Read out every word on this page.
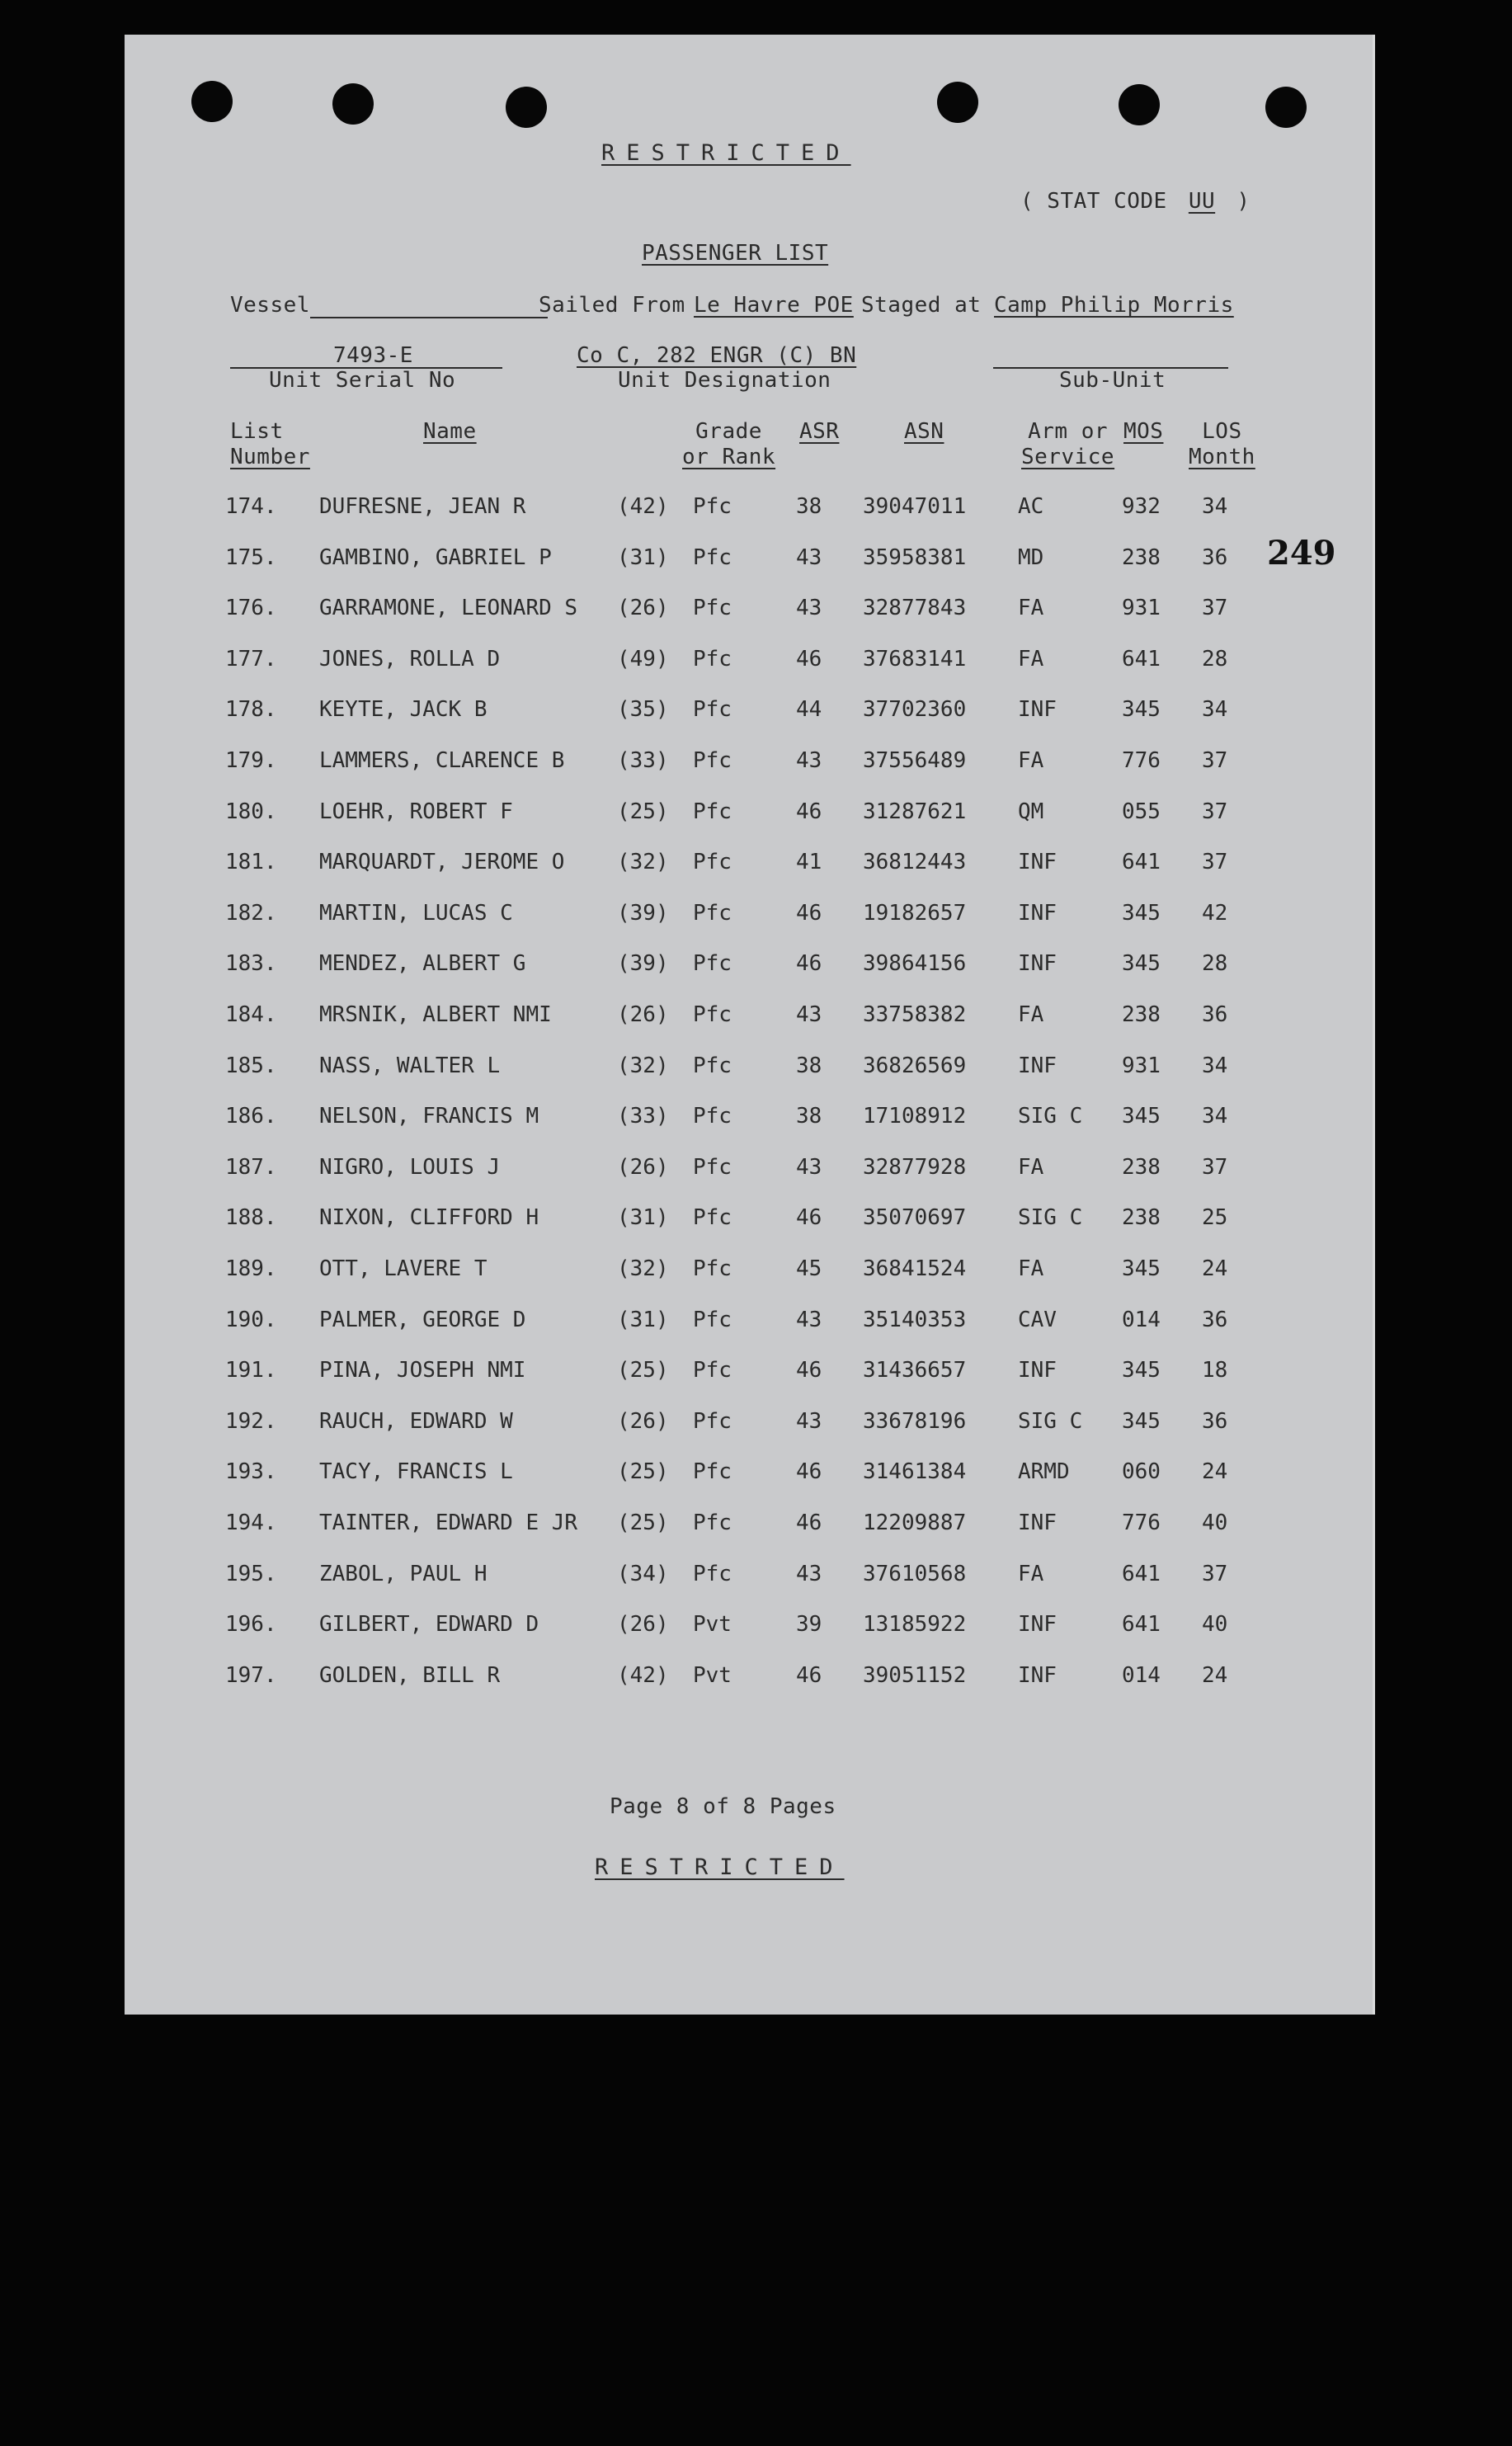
RESTRICTED
( STAT CODE UU )
PASSENGER LIST
Vessel	Sailed From Le Havre POE Staged at Camp Philip Morris
7493-E
Unit Serial No
Co C, 282 ENGR (C) BN
Unit Designation	Sub-Unit
List
Number
Name	Grade
or Rank
ASR	ASN	Arm or
Service
MOS	LOS
Month
249
174. DUFRESNE, JEAN R	(42) Pfc	38 39047011 AC	932 34
175. GAMBINO, GABRIEL P	(31) Pfc	43 35958381 MD	238 36
176. GARRAMONE, LEONARD S (26) Pfc	43 32877843 FA	931 37
177. JONES, ROLLA D	(49) Pfc	46 37683141 FA	641 28
178. KEYTE, JACK B	(35) Pfc	44 37702360 INF	345 34
179. LAMMERS, CLARENCE B (33) Pfc	43 37556489 FA	776 37
180. LOEHR, ROBERT F	(25) Pfc	46 31287621 QM	055 37
181. MARQUARDT, JEROME O (32) Pfc	41 36812443 INF	641 37
182. MARTIN, LUCAS C	(39) Pfc	46 19182657 INF	345 42
183. MENDEZ, ALBERT G	(39) Pfc	46 39864156 INF	345 28
184. MRSNIK, ALBERT NMI	(26) Pfc	43 33758382 FA	238 36
185. NASS, WALTER L	(32) Pfc	38 36826569 INF	931 34
186. NELSON, FRANCIS M	(33) Pfc	38 17108912 SIG C 345 34
187. NIGRO, LOUIS J	(26) Pfc	43 32877928 FA	238 37
188. NIXON, CLIFFORD H	(31) Pfc	46 35070697 SIG C 238 25
189. OTT, LAVERE T	(32) Pfc	45 36841524 FA	345 24
190. PALMER, GEORGE D	(31) Pfc	43 35140353 CAV	014 36
191. PINA, JOSEPH NMI	(25) Pfc	46 31436657 INF	345 18
192. RAUCH, EDWARD W	(26) Pfc	43 33678196 SIG C 345 36
193. TACY, FRANCIS L	(25) Pfc	46 31461384 ARMD 060 24
194. TAINTER, EDWARD E JR (25) Pfc	46 12209887 INF	776 40
195. ZABOL, PAUL H	(34) Pfc	43 37610568 FA	641 37
196. GILBERT, EDWARD D	(26) Pvt	39 13185922 INF	641 40
197. GOLDEN, BILL R	(42) Pvt	46 39051152 INF	014 24
Page 8 of 8 Pages
RESTRICTED
